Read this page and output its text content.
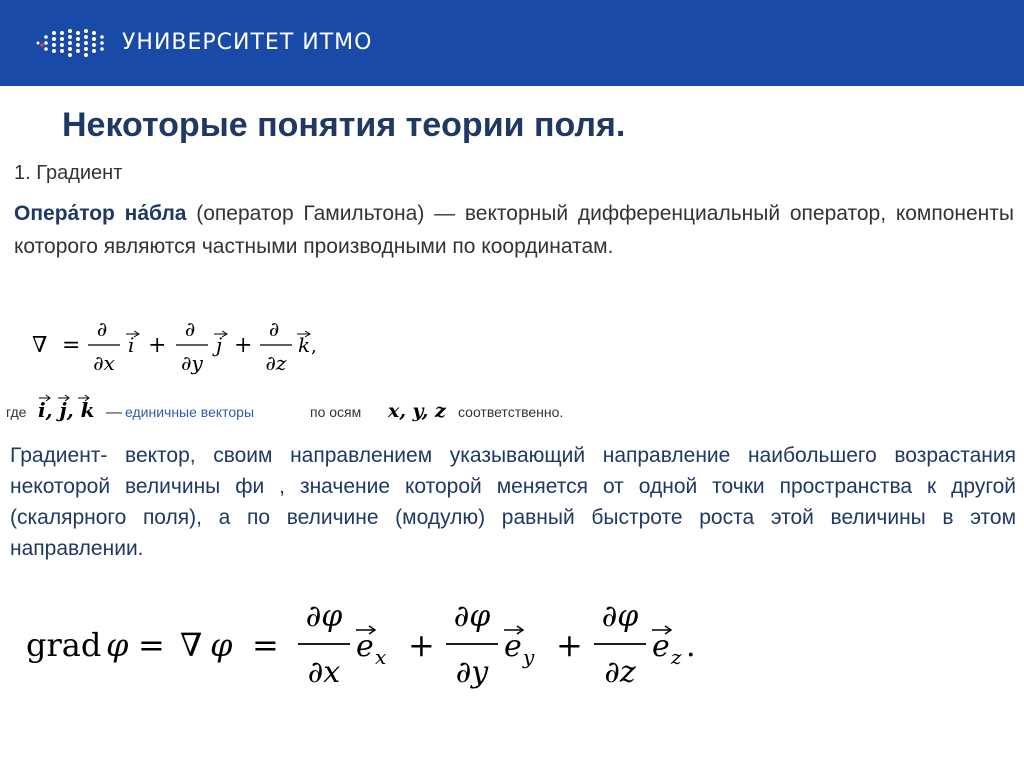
УНИВЕРСИТЕТ ИТМО
Некоторые понятия теории поля.
1. Градиент
Опера́тор на́бла (оператор Гамильтона) — векторный дифференциальный оператор, компоненты которого являются частными производными по координатам.
∇ =
∂
∂x
i +
∂
∂y
j +
∂
∂z
k ,
где i, j, k — единичные векторы	по осям x, y, z соответственно.
Градиент- вектор, своим направлением указывающий направление наибольшего возрастания некоторой величины фи , значение которой меняется от одной точки пространства к другой (скалярного поля), а по величине (модулю) равный быстроте роста этой величины в этом направлении.
grad φ = ∇ φ =
∂φ
∂x
e x +
∂φ
∂y
e y +
∂φ
∂z
e z .
